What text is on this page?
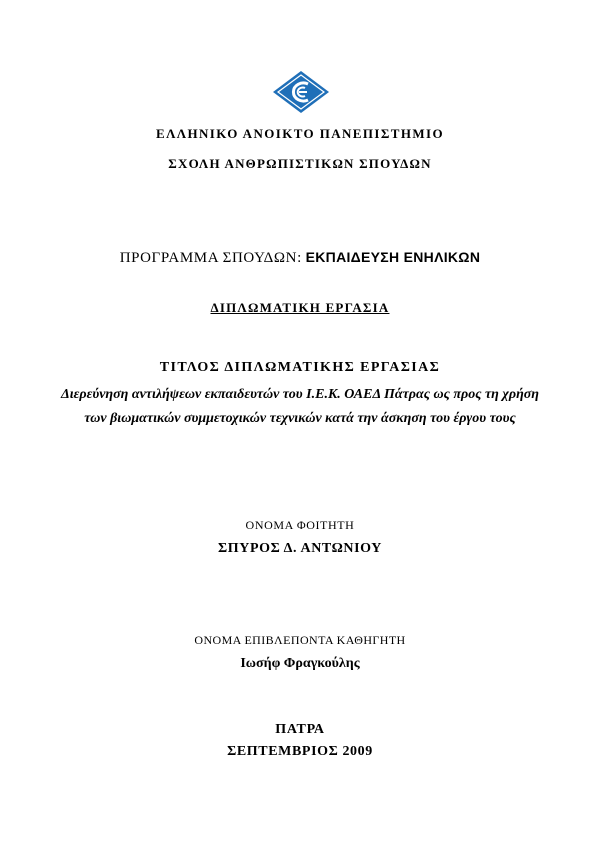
ΕΛΛΗΝΙΚΟ ΑΝΟΙΚΤΟ ΠΑΝΕΠΙΣΤΗΜΙΟ
ΣΧΟΛΗ ΑΝΘΡΩΠΙΣΤΙΚΩΝ ΣΠΟΥΔΩΝ
ΠΡΟΓΡΑΜΜΑ ΣΠΟΥΔΩΝ: ΕΚΠΑΙΔΕΥΣΗ ΕΝΗΛΙΚΩΝ
ΔΙΠΛΩΜΑΤΙΚΗ ΕΡΓΑΣΙΑ
ΤΙΤΛΟΣ ΔΙΠΛΩΜΑΤΙΚΗΣ ΕΡΓΑΣΙΑΣ
Διερεύνηση αντιλήψεων εκπαιδευτών του Ι.Ε.Κ. ΟΑΕΔ Πάτρας ως προς τη χρήση των βιωματικών συμμετοχικών τεχνικών κατά την άσκηση του έργου τους
ΟΝΟΜΑ ΦΟΙΤΗΤΗ
ΣΠΥΡΟΣ Δ. ΑΝΤΩΝΙΟΥ
ΟΝΟΜΑ ΕΠΙΒΛΕΠΟΝΤΑ ΚΑΘΗΓΗΤΗ
Ιωσήφ Φραγκούλης
ΠΑΤΡΑ
ΣΕΠΤΕΜΒΡΙΟΣ 2009
